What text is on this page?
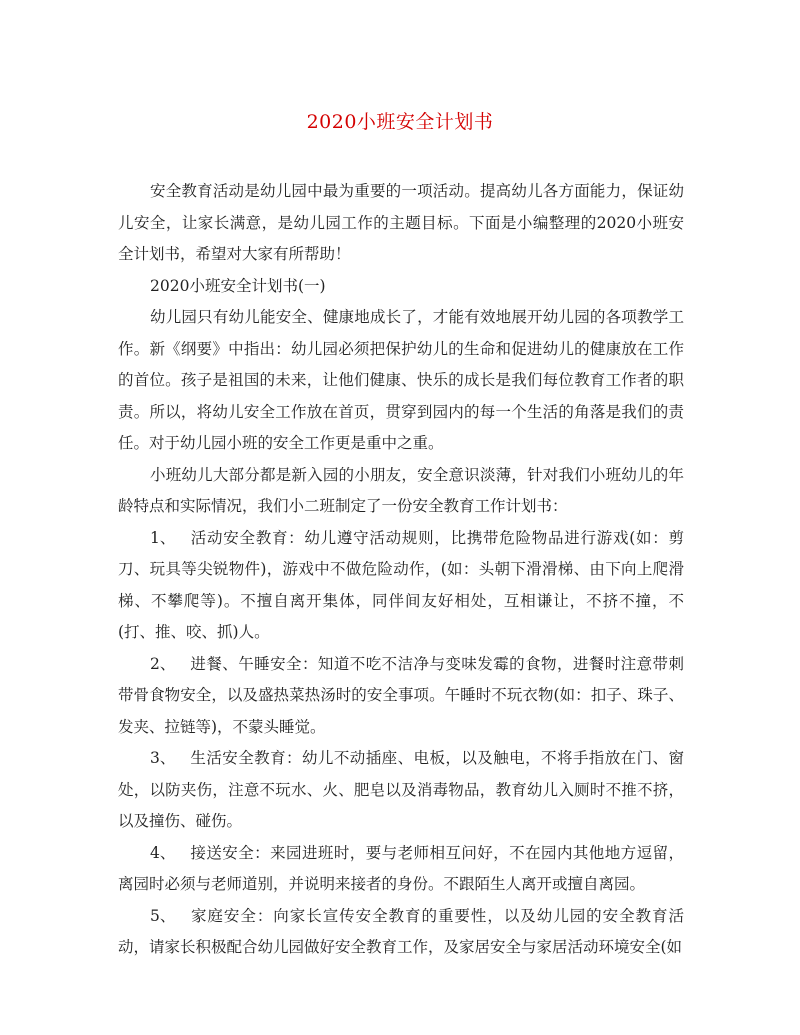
2020小班安全计划书

安全教育活动是幼儿园中最为重要的一项活动。提高幼儿各方面能力，保证幼儿安全，让家长满意，是幼儿园工作的主题目标。下面是小编整理的2020小班安全计划书，希望对大家有所帮助！

2020小班安全计划书(一)

幼儿园只有幼儿能安全、健康地成长了，才能有效地展开幼儿园的各项教学工作。新《纲要》中指出：幼儿园必须把保护幼儿的生命和促进幼儿的健康放在工作的首位。孩子是祖国的未来，让他们健康、快乐的成长是我们每位教育工作者的职责。所以，将幼儿安全工作放在首页，贯穿到园内的每一个生活的角落是我们的责任。对于幼儿园小班的安全工作更是重中之重。

小班幼儿大部分都是新入园的小朋友，安全意识淡薄，针对我们小班幼儿的年龄特点和实际情况，我们小二班制定了一份安全教育工作计划书：

1、 活动安全教育：幼儿遵守活动规则，比携带危险物品进行游戏(如：剪刀、玩具等尖锐物件)，游戏中不做危险动作，(如：头朝下滑滑梯、由下向上爬滑梯、不攀爬等)。不擅自离开集体，同伴间友好相处，互相谦让，不挤不撞，不(打、推、咬、抓)人。

2、 进餐、午睡安全：知道不吃不洁净与变味发霉的食物，进餐时注意带刺带骨食物安全，以及盛热菜热汤时的安全事项。午睡时不玩衣物(如：扣子、珠子、发夹、拉链等)，不蒙头睡觉。

3、 生活安全教育：幼儿不动插座、电板，以及触电，不将手指放在门、窗处，以防夹伤，注意不玩水、火、肥皂以及消毒物品，教育幼儿入厕时不推不挤，以及撞伤、碰伤。

4、 接送安全：来园进班时，要与老师相互问好，不在园内其他地方逗留，离园时必须与老师道别，并说明来接者的身份。不跟陌生人离开或擅自离园。

5、 家庭安全：向家长宣传安全教育的重要性，以及幼儿园的安全教育活动，请家长积极配合幼儿园做好安全教育工作，及家居安全与家居活动环境安全(如
